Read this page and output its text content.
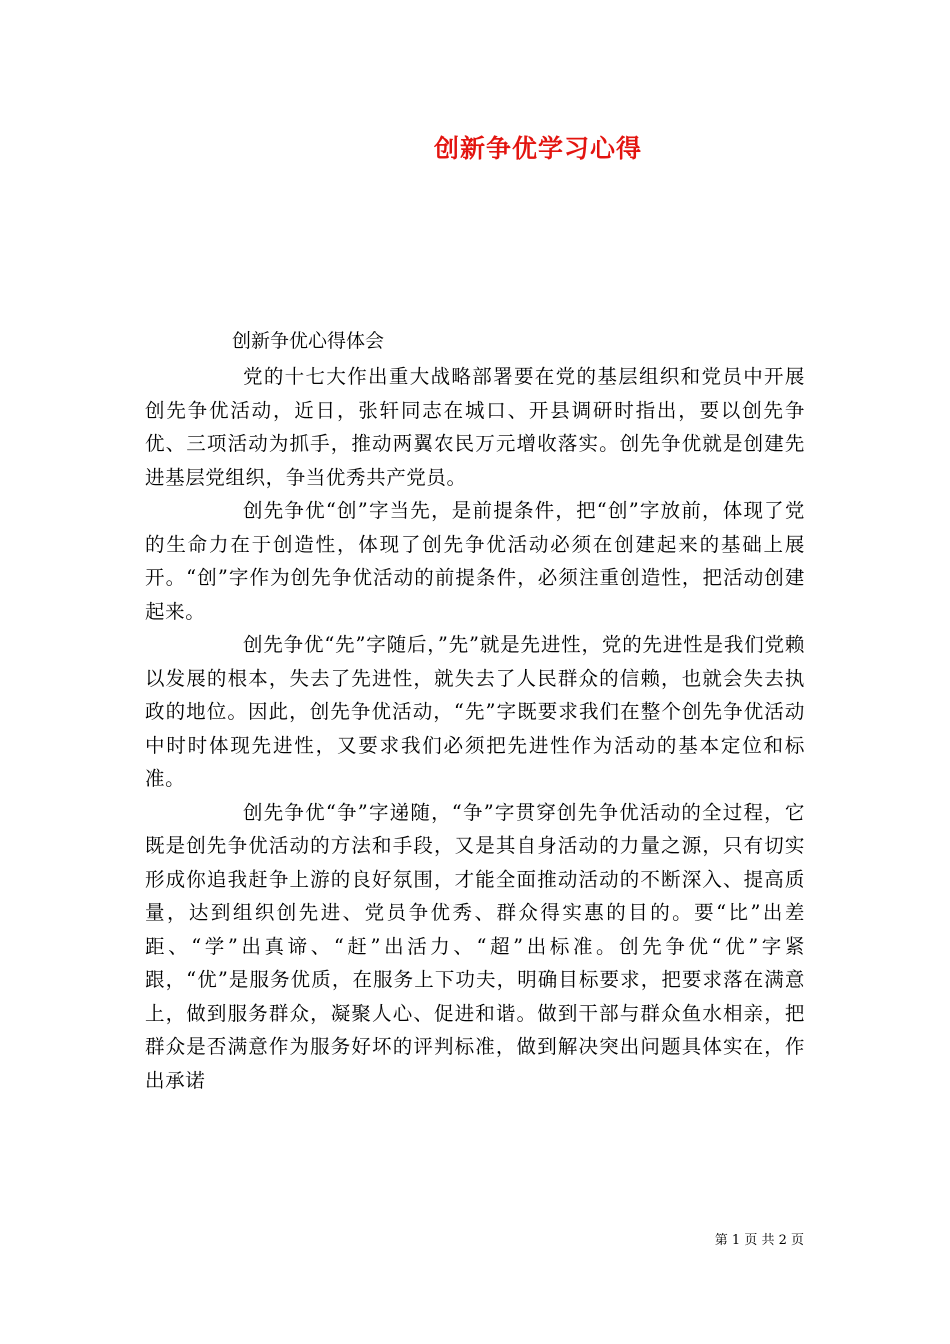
创新争优学习心得
创新争优心得体会

党的十七大作出重大战略部署要在党的基层组织和党员中开展创先争优活动，近日，张轩同志在城口、开县调研时指出，要以创先争优、三项活动为抓手，推动两翼农民万元增收落实。创先争优就是创建先进基层党组织，争当优秀共产党员。

创先争优“创”字当先，是前提条件，把“创”字放前，体现了党的生命力在于创造性，体现了创先争优活动必须在创建起来的基础上展开。“创”字作为创先争优活动的前提条件，必须注重创造性，把活动创建起来。

创先争优“先”字随后，”先”就是先进性，党的先进性是我们党赖以发展的根本，失去了先进性，就失去了人民群众的信赖，也就会失去执政的地位。因此，创先争优活动，“先”字既要求我们在整个创先争优活动中时时体现先进性，又要求我们必须把先进性作为活动的基本定位和标准。

创先争优“争”字递随，“争”字贯穿创先争优活动的全过程，它既是创先争优活动的方法和手段，又是其自身活动的力量之源，只有切实形成你追我赶争上游的良好氛围，才能全面推动活动的不断深入、提高质量，达到组织创先进、党员争优秀、群众得实惠的目的。要“比”出差距、“学”出真谛、“赶”出活力、“超”出标准。创先争优“优”字紧跟，“优”是服务优质，在服务上下功夫，明确目标要求，把要求落在满意上，做到服务群众，凝聚人心、促进和谐。做到干部与群众鱼水相亲，把群众是否满意作为服务好坏的评判标准，做到解决突出问题具体实在，作出承诺

第 1 页 共 2 页
